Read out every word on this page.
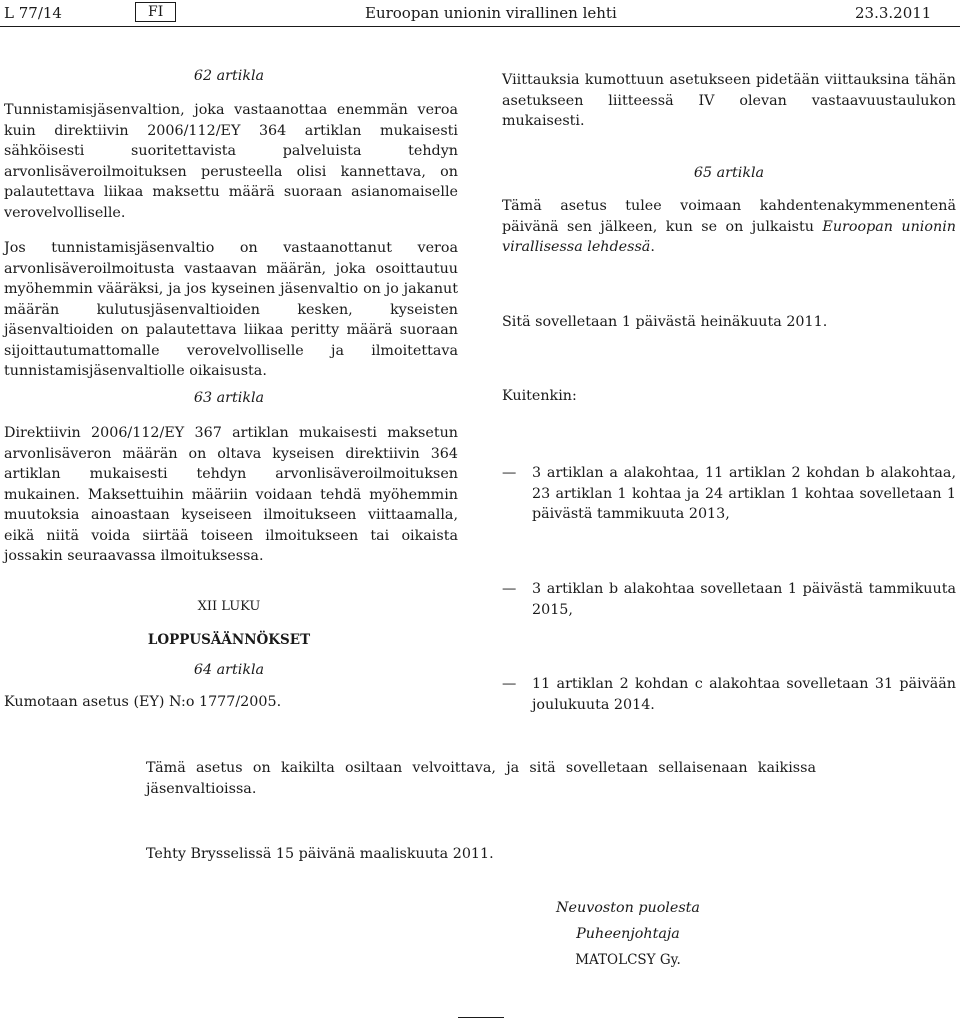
L 77/14	FI	Euroopan unionin virallinen lehti	23.3.2011
62 artikla

Tunnistamisjäsenvaltion, joka vastaanottaa enemmän veroa kuin direktiivin 2006/112/EY 364 artiklan mukaisesti sähköisesti suoritettavista palveluista tehdyn arvonlisäveroilmoituksen perusteella olisi kannettava, on palautettava liikaa maksettu määrä suoraan asianomaiselle verovelvolliselle.

Jos tunnistamisjäsenvaltio on vastaanottanut veroa arvonlisäveroilmoitusta vastaavan määrän, joka osoittautuu myöhemmin vääräksi, ja jos kyseinen jäsenvaltio on jo jakanut määrän kulutusjäsenvaltioiden kesken, kyseisten jäsenvaltioiden on palautettava liikaa peritty määrä suoraan sijoittautumattomalle verovelvolliselle ja ilmoitettava tunnistamisjäsenvaltiolle oikaisusta.

63 artikla

Direktiivin 2006/112/EY 367 artiklan mukaisesti maksetun arvonlisäveron määrän on oltava kyseisen direktiivin 364 artiklan mukaisesti tehdyn arvonlisäveroilmoituksen mukainen. Maksettuihin määriin voidaan tehdä myöhemmin muutoksia ainoastaan kyseiseen ilmoitukseen viittaamalla, eikä niitä voida siirtää toiseen ilmoitukseen tai oikaista jossakin seuraavassa ilmoituksessa.

XII LUKU
LOPPUSÄÄNNÖKSET
64 artikla

Kumotaan asetus (EY) N:o 1777/2005.

Viittauksia kumottuun asetukseen pidetään viittauksina tähän asetukseen liitteessä IV olevan vastaavuustaulukon mukaisesti.

65 artikla

Tämä asetus tulee voimaan kahdentenakymmenentenä päivänä sen jälkeen, kun se on julkaistu Euroopan unionin virallisessa lehdessä.

Sitä sovelletaan 1 päivästä heinäkuuta 2011.

Kuitenkin:

— 3 artiklan a alakohtaa, 11 artiklan 2 kohdan b alakohtaa, 23 artiklan 1 kohtaa ja 24 artiklan 1 kohtaa sovelletaan 1 päivästä tammikuuta 2013,
— 3 artiklan b alakohtaa sovelletaan 1 päivästä tammikuuta 2015,
— 11 artiklan 2 kohdan c alakohtaa sovelletaan 31 päivään joulukuuta 2014.

Tämä asetus on kaikilta osiltaan velvoittava, ja sitä sovelletaan sellaisenaan kaikissa jäsenvaltioissa.

Tehty Brysselissä 15 päivänä maaliskuuta 2011.

Neuvoston puolesta
Puheenjohtaja
MATOLCSY Gy.
